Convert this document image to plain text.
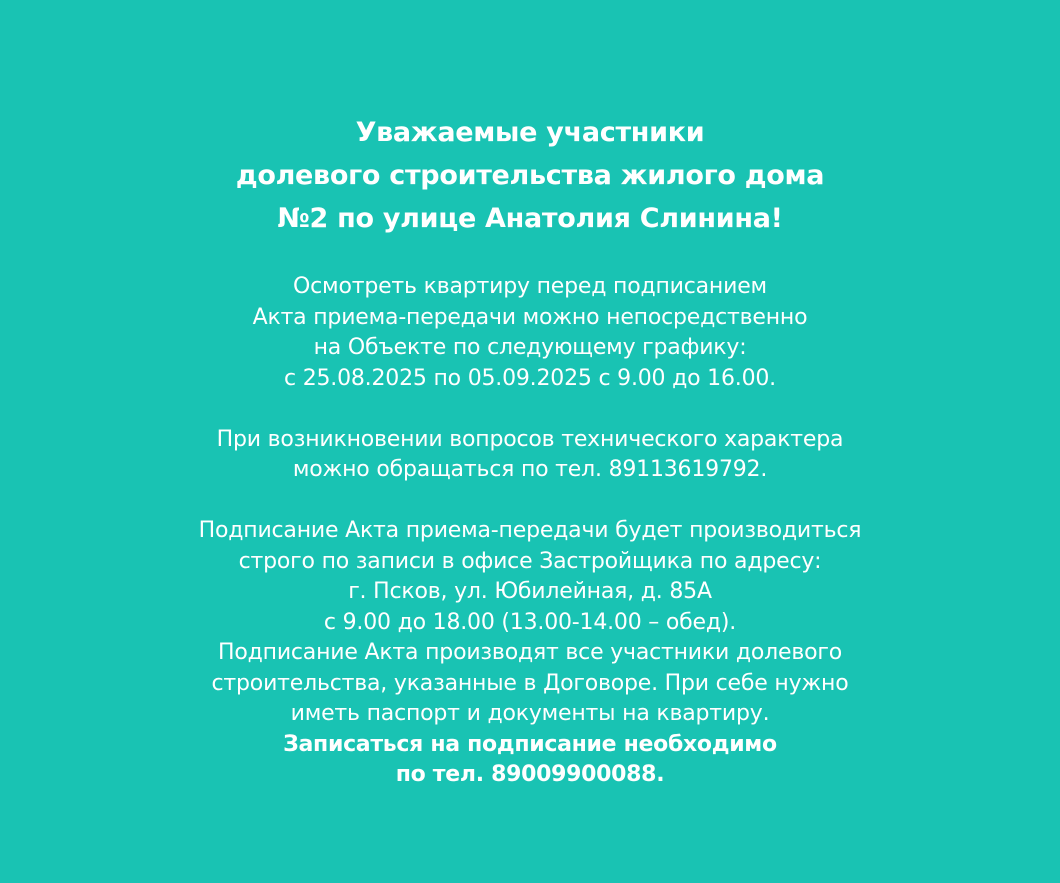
Уважаемые участники
долевого строительства жилого дома
№2 по улице Анатолия Слинина!

Осмотреть квартиру перед подписанием
Акта приема-передачи можно непосредственно
на Объекте по следующему графику:
с 25.08.2025 по 05.09.2025 с 9.00 до 16.00.

При возникновении вопросов технического характера
можно обращаться по тел. 89113619792.

Подписание Акта приема-передачи будет производиться
строго по записи в офисе Застройщика по адресу:
г. Псков, ул. Юбилейная, д. 85А
с 9.00 до 18.00 (13.00-14.00 – обед).
Подписание Акта производят все участники долевого
строительства, указанные в Договоре. При себе нужно
иметь паспорт и документы на квартиру.
Записаться на подписание необходимо
по тел. 89009900088.
